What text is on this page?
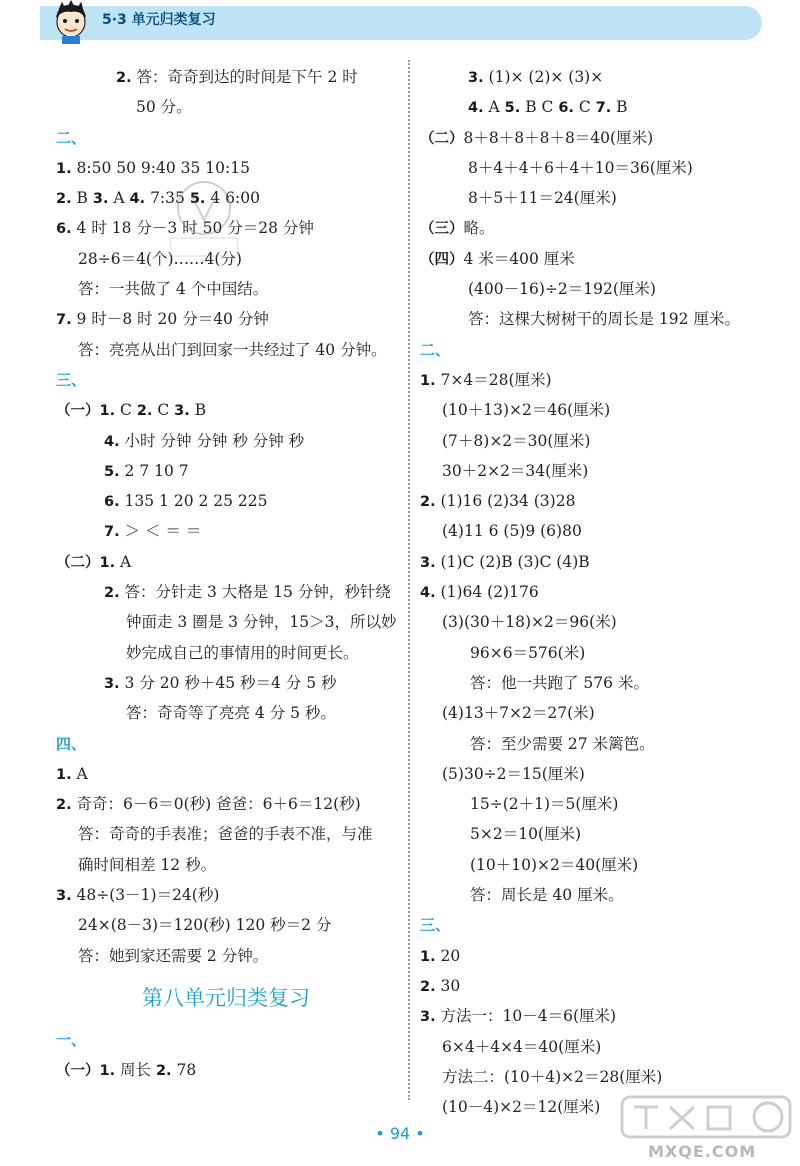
5·3 单元归类复习
2. 答：奇奇到达的时间是下午 2 时
50 分。
二、
1. 8:50 50 9:40 35 10:15
2. B 3. A 4. 7:35 5. 4 6:00
6. 4 时 18 分－3 时 50 分＝28 分钟
28÷6＝4(个)……4(分)
答：一共做了 4 个中国结。
7. 9 时－8 时 20 分＝40 分钟
答：亮亮从出门到回家一共经过了 40 分钟。
三、
（一）1. C 2. C 3. B
4. 小时 分钟 分钟 秒 分钟 秒
5. 2 7 10 7
6. 135 1 20 2 25 225
7. ＞ ＜ ＝ ＝
（二）1. A
2. 答：分针走 3 大格是 15 分钟，秒针绕
钟面走 3 圈是 3 分钟，15＞3，所以妙
妙完成自己的事情用的时间更长。
3. 3 分 20 秒＋45 秒＝4 分 5 秒
答：奇奇等了亮亮 4 分 5 秒。
四、
1. A
2. 奇奇：6－6＝0(秒) 爸爸：6＋6＝12(秒)
答：奇奇的手表准；爸爸的手表不准，与准
确时间相差 12 秒。
3. 48÷(3－1)＝24(秒)
24×(8－3)＝120(秒) 120 秒＝2 分
答：她到家还需要 2 分钟。
第八单元归类复习
一、
（一）1. 周长 2. 78
3. (1)× (2)× (3)×
4. A 5. B C 6. C 7. B
（二）8＋8＋8＋8＋8＝40(厘米)
8＋4＋4＋6＋4＋10＝36(厘米)
8＋5＋11＝24(厘米)
（三）略。
（四）4 米＝400 厘米
(400－16)÷2＝192(厘米)
答：这棵大树树干的周长是 192 厘米。
二、
1. 7×4＝28(厘米)
(10＋13)×2＝46(厘米)
(7＋8)×2＝30(厘米)
30＋2×2＝34(厘米)
2. (1)16 (2)34 (3)28
(4)11 6 (5)9 (6)80
3. (1)C (2)B (3)C (4)B
4. (1)64 (2)176
(3)(30＋18)×2＝96(米)
96×6＝576(米)
答：他一共跑了 576 米。
(4)13＋7×2＝27(米)
答：至少需要 27 米篱笆。
(5)30÷2＝15(厘米)
15÷(2＋1)＝5(厘米)
5×2＝10(厘米)
(10＋10)×2＝40(厘米)
答：周长是 40 厘米。
三、
1. 20
2. 30
3. 方法一：10－4＝6(厘米)
6×4＋4×4＝40(厘米)
方法二：(10＋4)×2＝28(厘米)
(10－4)×2＝12(厘米)
MXQE.COM
• 94 •
